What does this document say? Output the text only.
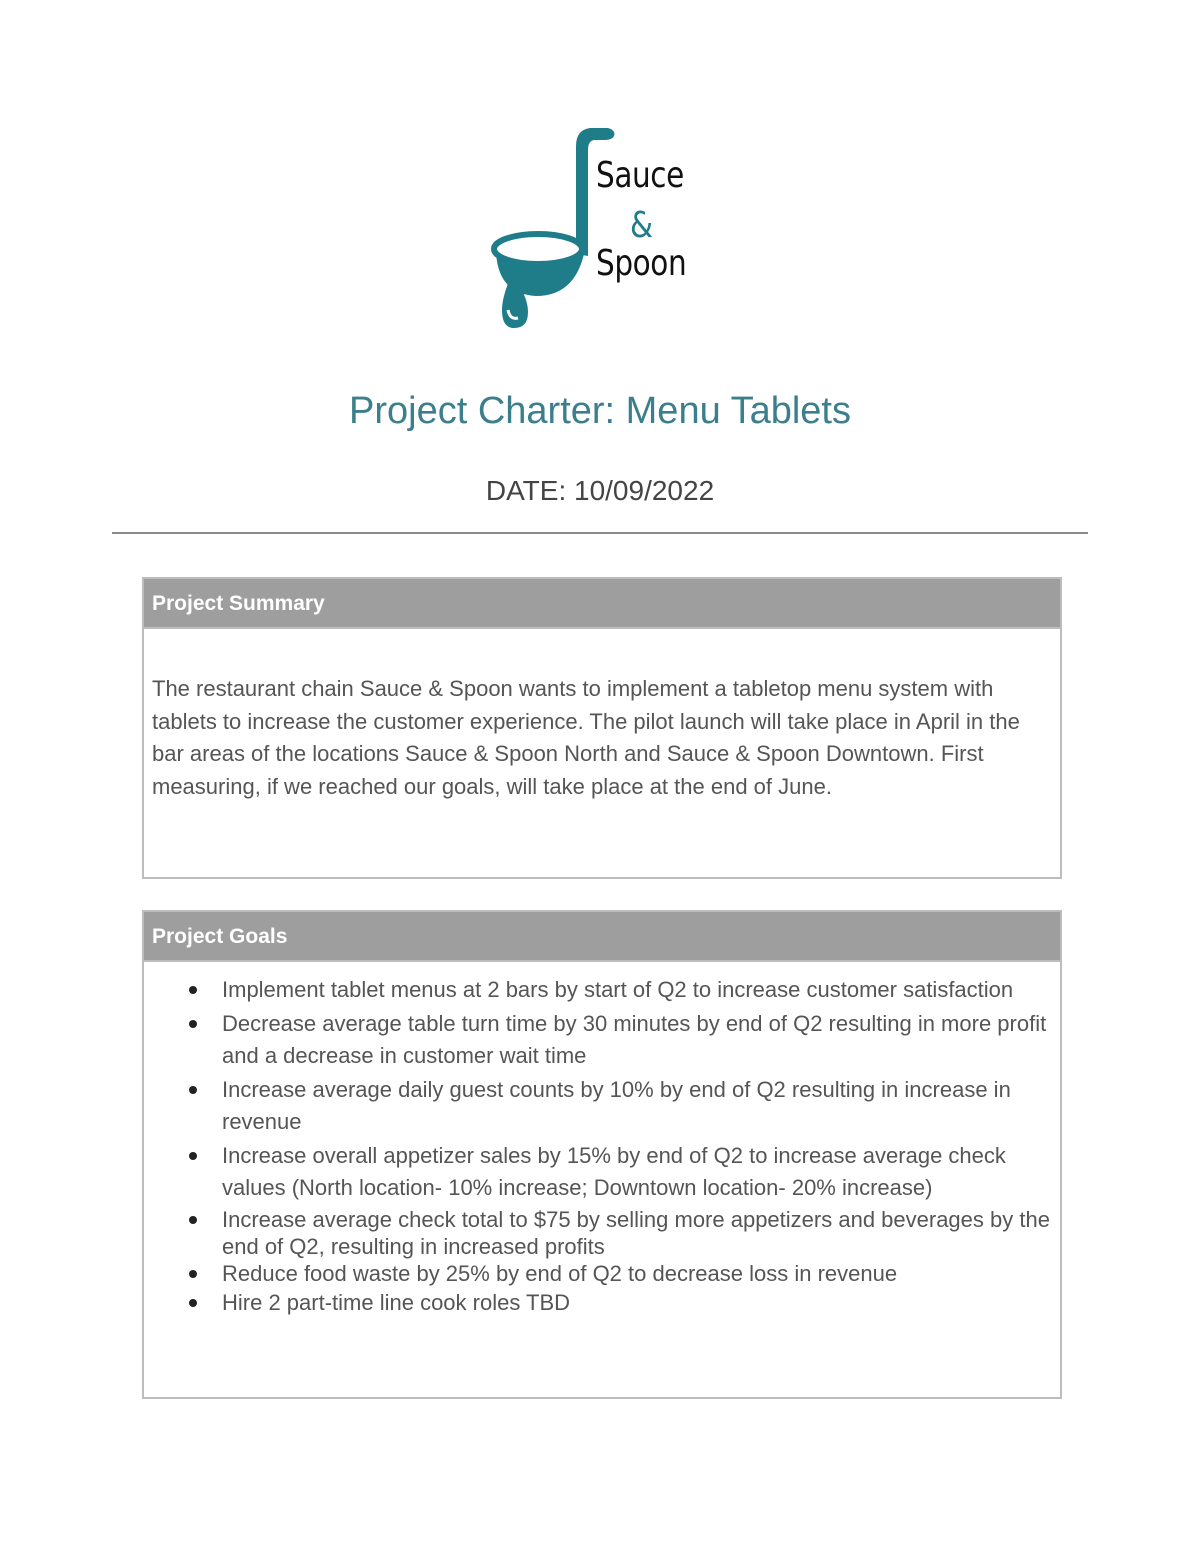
Sauce
&
Spoon
Project Charter: Menu Tablets
DATE: 10/09/2022
Project Summary

The restaurant chain Sauce & Spoon wants to implement a tabletop menu system with tablets to increase the customer experience. The pilot launch will take place in April in the bar areas of the locations Sauce & Spoon North and Sauce & Spoon Downtown. First measuring, if we reached our goals, will take place at the end of June.

Project Goals
Implement tablet menus at 2 bars by start of Q2 to increase customer satisfaction
Decrease average table turn time by 30 minutes by end of Q2 resulting in more profit and a decrease in customer wait time
Increase average daily guest counts by 10% by end of Q2 resulting in increase in revenue
Increase overall appetizer sales by 15% by end of Q2 to increase average check values (North location- 10% increase; Downtown location- 20% increase)
Increase average check total to $75 by selling more appetizers and beverages by the end of Q2, resulting in increased profits
Reduce food waste by 25% by end of Q2 to decrease loss in revenue
Hire 2 part-time line cook roles TBD
